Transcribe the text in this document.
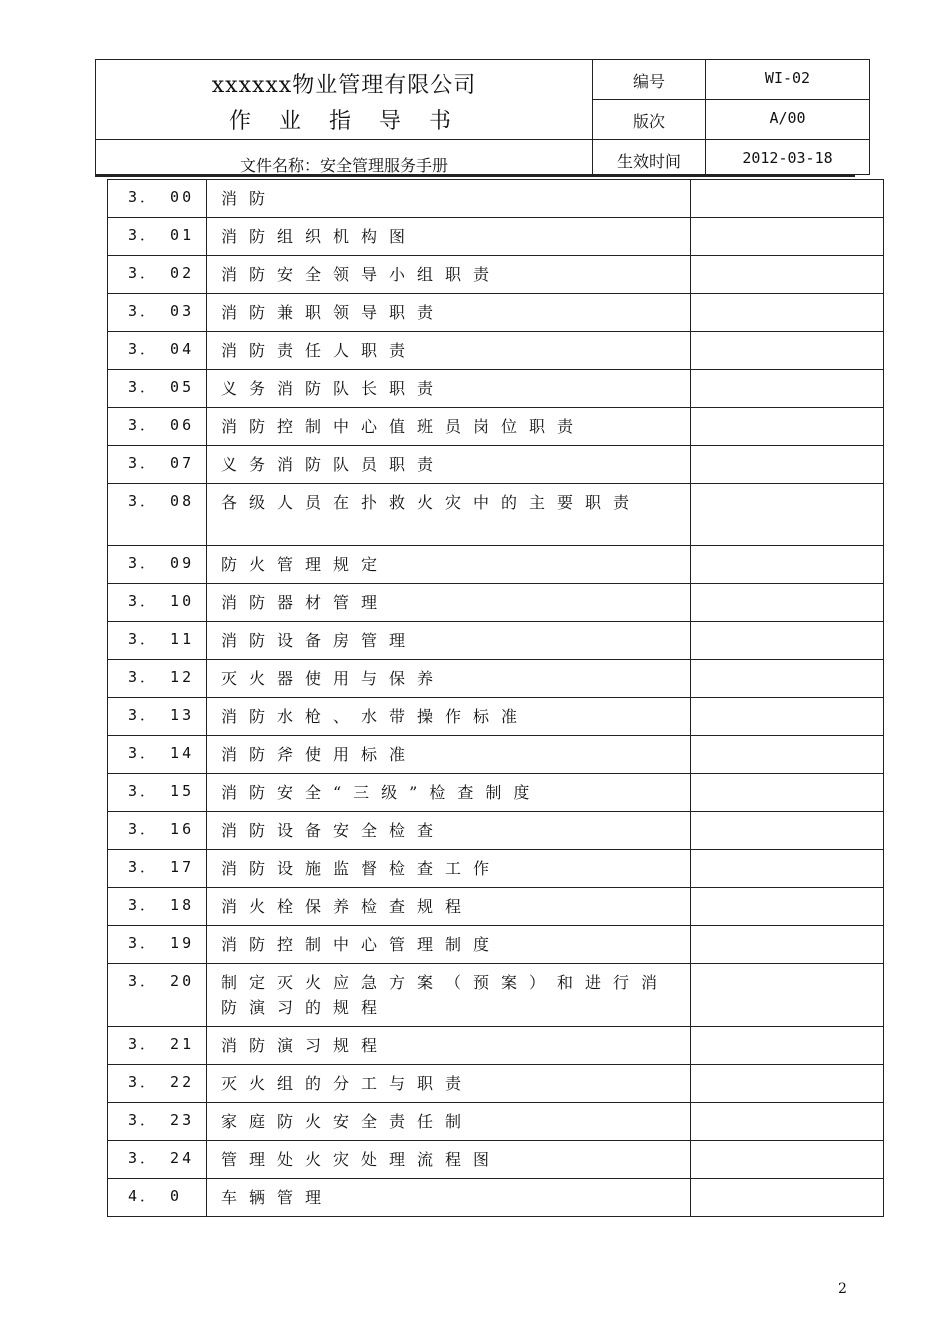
xxxxxx物业管理有限公司
作业指导书
文件名称：安全管理服务手册
编号	WI-02
版次	A/00
生效时间	2012-03-18
3． 00	消防	
3． 01	消防组织机构图	
3． 02	消防安全领导小组职责	
3． 03	消防兼职领导职责	
3． 04	消防责任人职责	
3． 05	义务消防队长职责	
3． 06	消防控制中心值班员岗位职责	
3． 07	义务消防队员职责	
3． 08	各级人员在扑救火灾中的主要职责	
3． 09	防火管理规定	
3． 10	消防器材管理	
3． 11	消防设备房管理	
3． 12	灭火器使用与保养	
3． 13	消防水枪、水带操作标准	
3． 14	消防斧使用标准	
3． 15	消防安全“三级”检查制度	
3． 16	消防设备安全检查	
3． 17	消防设施监督检查工作	
3． 18	消火栓保养检查规程	
3． 19	消防控制中心管理制度	
3． 20	制定灭火应急方案（预案）和进行消防演习的规程	
3． 21	消防演习规程	
3． 22	灭火组的分工与职责	
3． 23	家庭防火安全责任制	
3． 24	管理处火灾处理流程图	
4． 0	车辆管理	
2
